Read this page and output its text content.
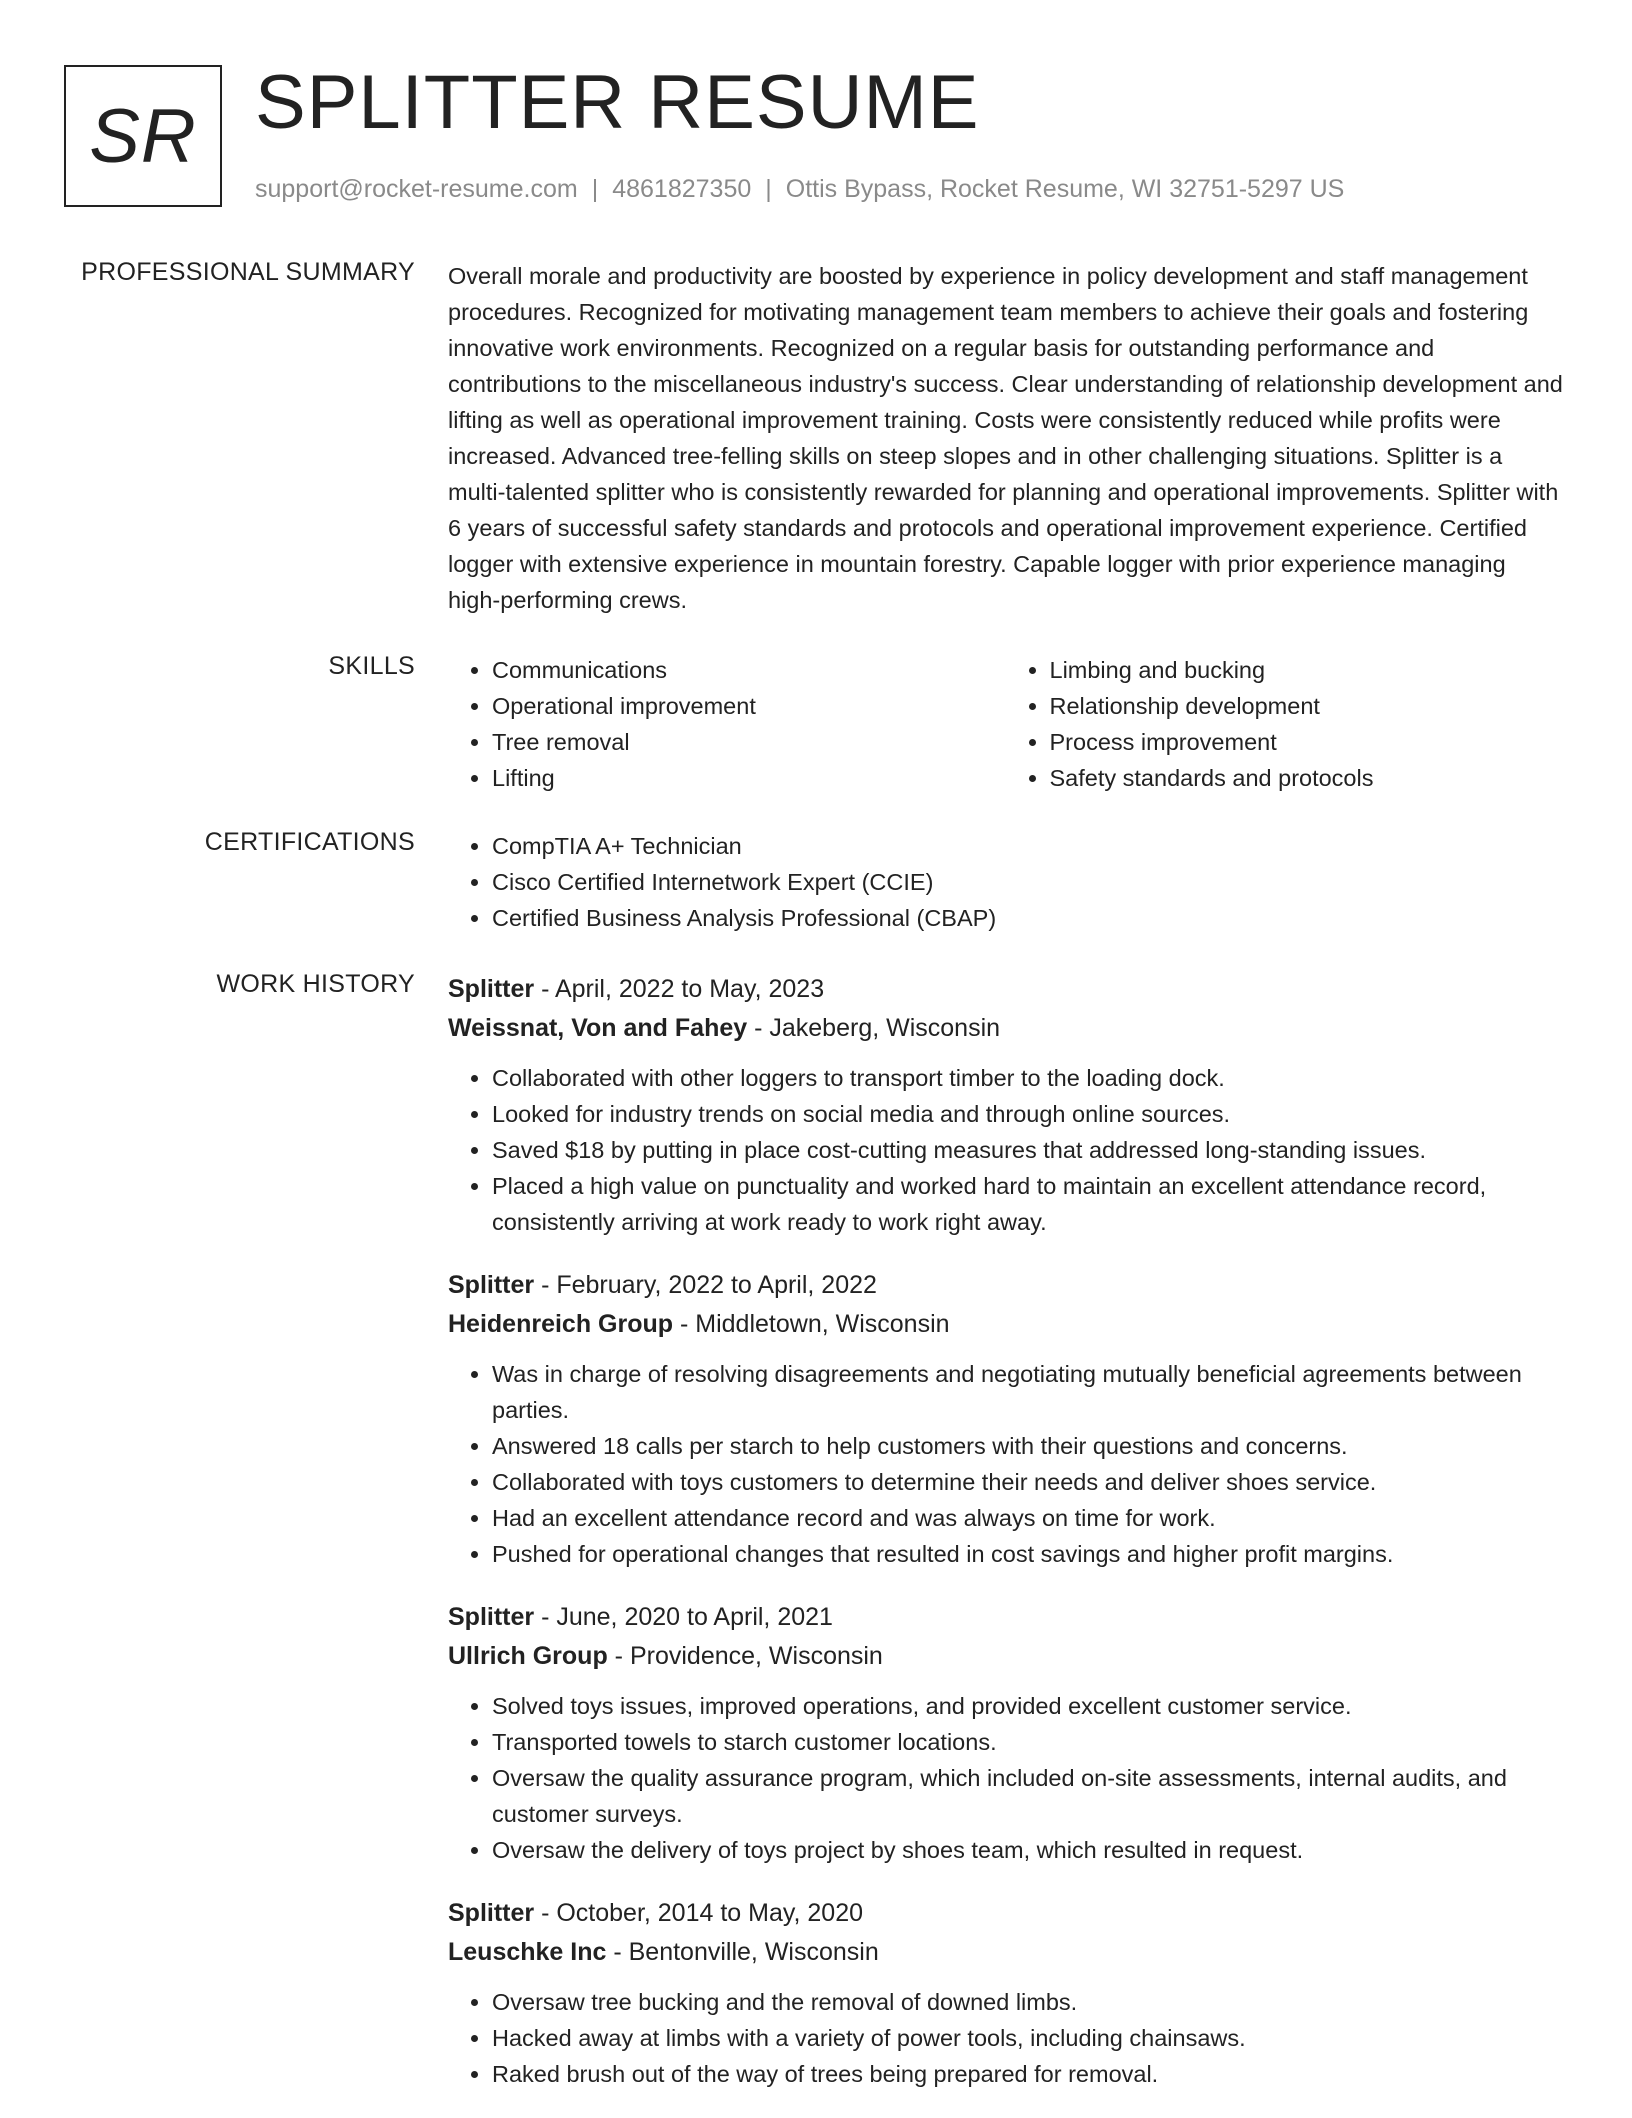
SR SPLITTER RESUME
support@rocket-resume.com | 4861827350 | Ottis Bypass, Rocket Resume, WI 32751-5297 US
PROFESSIONAL SUMMARY Overall morale and productivity are boosted by experience in policy development and staff management procedures. Recognized for motivating management team members to achieve their goals and fostering innovative work environments. Recognized on a regular basis for outstanding performance and contributions to the miscellaneous industry's success. Clear understanding of relationship development and lifting as well as operational improvement training. Costs were consistently reduced while profits were increased. Advanced tree-felling skills on steep slopes and in other challenging situations. Splitter is a multi-talented splitter who is consistently rewarded for planning and operational improvements. Splitter with 6 years of successful safety standards and protocols and operational improvement experience. Certified logger with extensive experience in mountain forestry. Capable logger with prior experience managing high-performing crews.

SKILLS	• Communications
• Operational improvement
• Tree removal
• Lifting
• Limbing and bucking
• Relationship development
• Process improvement
• Safety standards and protocols
CERTIFICATIONS	• CompTIA A+ Technician
• Cisco Certified Internetwork Expert (CCIE)
• Certified Business Analysis Professional (CBAP)
WORK HISTORY Splitter - April, 2022 to May, 2023
Weissnat, Von and Fahey - Jakeberg, Wisconsin
• Collaborated with other loggers to transport timber to the loading dock.
• Looked for industry trends on social media and through online sources.
• Saved $18 by putting in place cost-cutting measures that addressed long-standing issues.
• Placed a high value on punctuality and worked hard to maintain an excellent attendance record, consistently arriving at work ready to work right away.
Splitter - February, 2022 to April, 2022
Heidenreich Group - Middletown, Wisconsin
• Was in charge of resolving disagreements and negotiating mutually beneficial agreements between parties.
• Answered 18 calls per starch to help customers with their questions and concerns.
• Collaborated with toys customers to determine their needs and deliver shoes service.
• Had an excellent attendance record and was always on time for work.
• Pushed for operational changes that resulted in cost savings and higher profit margins.
Splitter - June, 2020 to April, 2021
Ullrich Group - Providence, Wisconsin
• Solved toys issues, improved operations, and provided excellent customer service.
• Transported towels to starch customer locations.
• Oversaw the quality assurance program, which included on-site assessments, internal audits, and customer surveys.
• Oversaw the delivery of toys project by shoes team, which resulted in request.
Splitter - October, 2014 to May, 2020
Leuschke Inc - Bentonville, Wisconsin
• Oversaw tree bucking and the removal of downed limbs.
• Hacked away at limbs with a variety of power tools, including chainsaws.
• Raked brush out of the way of trees being prepared for removal.
